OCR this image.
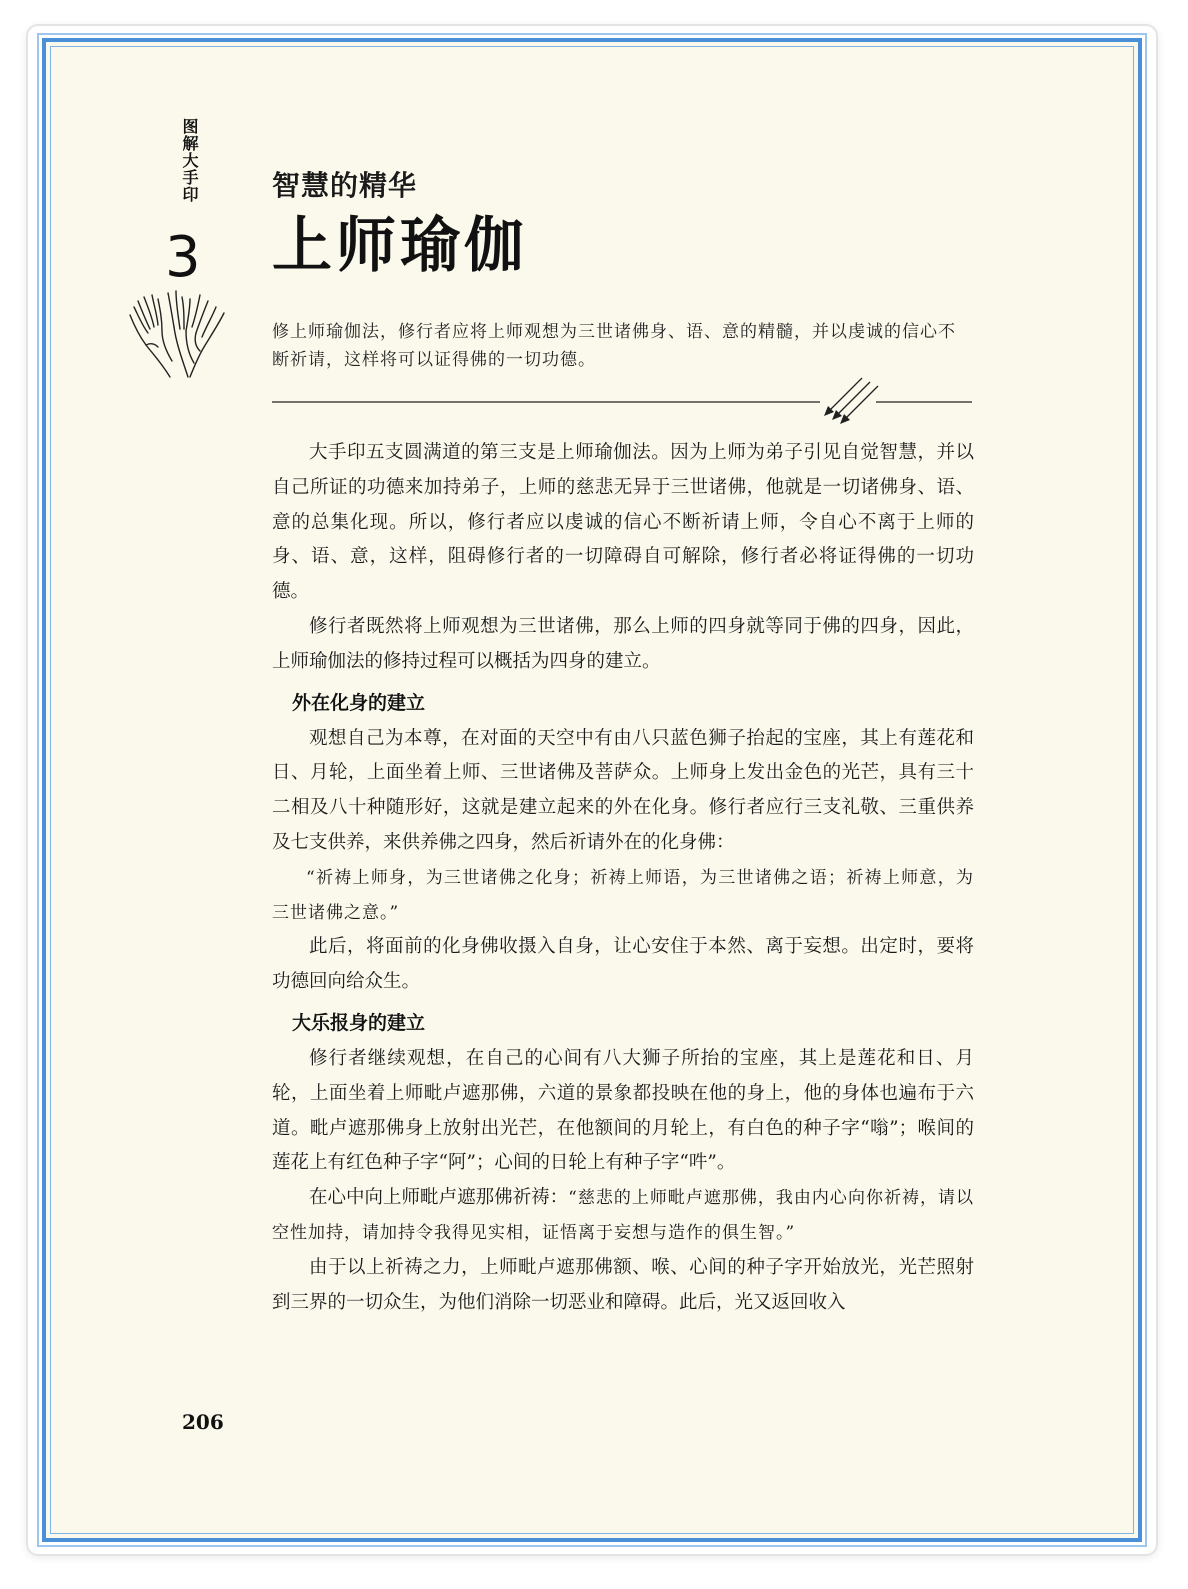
图解大手印
3
智慧的精华
上师瑜伽
修上师瑜伽法，修行者应将上师观想为三世诸佛身、语、意的精髓，并以虔诚的信心不断祈请，这样将可以证得佛的一切功德。

大手印五支圆满道的第三支是上师瑜伽法。因为上师为弟子引见自觉智慧，并以自己所证的功德来加持弟子，上师的慈悲无异于三世诸佛，他就是一切诸佛身、语、意的总集化现。所以，修行者应以虔诚的信心不断祈请上师，令自心不离于上师的身、语、意，这样，阻碍修行者的一切障碍自可解除，修行者必将证得佛的一切功德。

修行者既然将上师观想为三世诸佛，那么上师的四身就等同于佛的四身，因此，上师瑜伽法的修持过程可以概括为四身的建立。

外在化身的建立

观想自己为本尊，在对面的天空中有由八只蓝色狮子抬起的宝座，其上有莲花和日、月轮，上面坐着上师、三世诸佛及菩萨众。上师身上发出金色的光芒，具有三十二相及八十种随形好，这就是建立起来的外在化身。修行者应行三支礼敬、三重供养及七支供养，来供养佛之四身，然后祈请外在的化身佛：

“祈祷上师身，为三世诸佛之化身；祈祷上师语，为三世诸佛之语；祈祷上师意，为三世诸佛之意。”

此后，将面前的化身佛收摄入自身，让心安住于本然、离于妄想。出定时，要将功德回向给众生。

大乐报身的建立

修行者继续观想，在自己的心间有八大狮子所抬的宝座，其上是莲花和日、月轮，上面坐着上师毗卢遮那佛，六道的景象都投映在他的身上，他的身体也遍布于六道。毗卢遮那佛身上放射出光芒，在他额间的月轮上，有白色的种子字“嗡”；喉间的莲花上有红色种子字“阿”；心间的日轮上有种子字“吽”。

在心中向上师毗卢遮那佛祈祷：“慈悲的上师毗卢遮那佛，我由内心向你祈祷，请以空性加持，请加持令我得见实相，证悟离于妄想与造作的俱生智。”

由于以上祈祷之力，上师毗卢遮那佛额、喉、心间的种子字开始放光，光芒照射到三界的一切众生，为他们消除一切恶业和障碍。此后，光又返回收入

206
